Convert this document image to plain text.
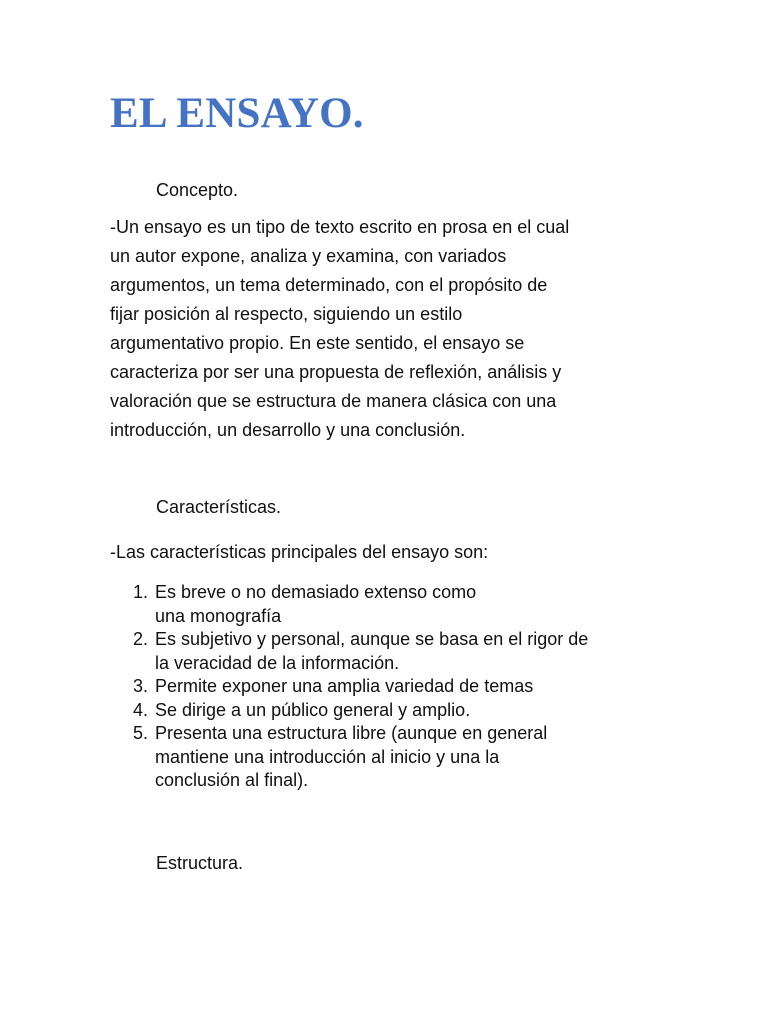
EL ENSAYO.
Concepto.

-Un ensayo es un tipo de texto escrito en prosa en el cual
un autor expone, analiza y examina, con variados
argumentos, un tema determinado, con el propósito de
fijar posición al respecto, siguiendo un estilo
argumentativo propio. En este sentido, el ensayo se
caracteriza por ser una propuesta de reflexión, análisis y
valoración que se estructura de manera clásica con una
introducción, un desarrollo y una conclusión.

Características.

-Las características principales del ensayo son:

1. Es breve o no demasiado extenso como
una monografía
2. Es subjetivo y personal, aunque se basa en el rigor de
la veracidad de la información.
3. Permite exponer una amplia variedad de temas
4. Se dirige a un público general y amplio.
5. Presenta una estructura libre (aunque en general
mantiene una introducción al inicio y una la
conclusión al final).
Estructura.
